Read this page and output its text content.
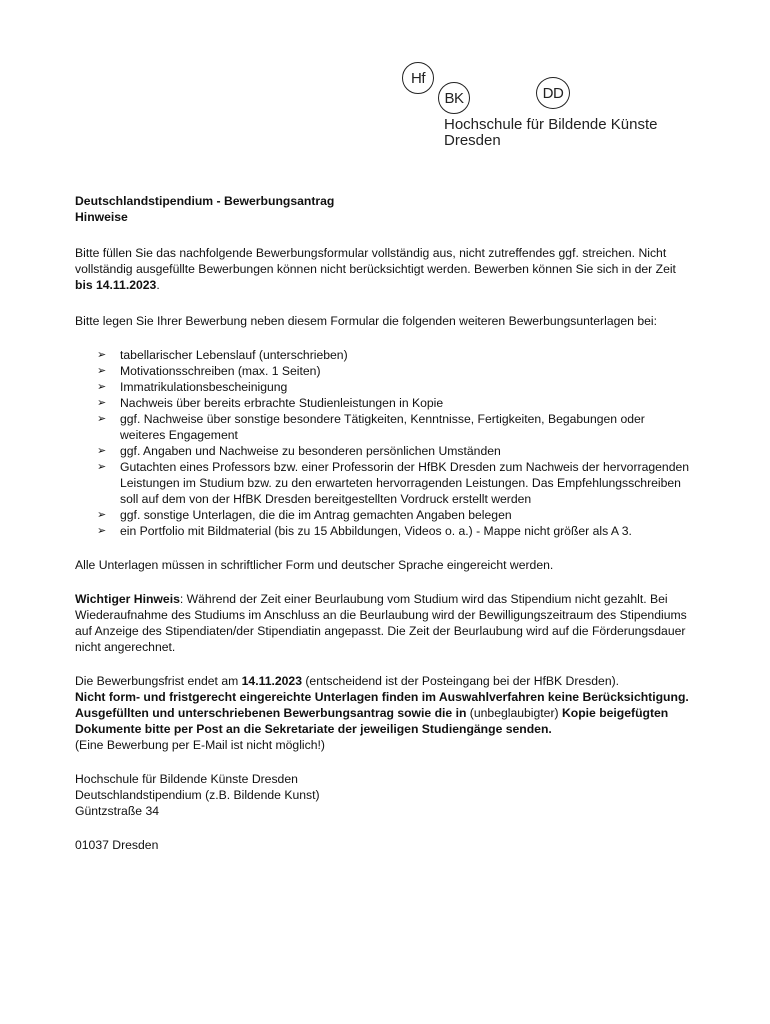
Hf
BK	DD
Hochschule für Bildende Künste
Dresden

Deutschlandstipendium - Bewerbungsantrag

Hinweise

Bitte füllen Sie das nachfolgende Bewerbungsformular vollständig aus, nicht zutreffendes ggf. streichen. Nicht vollständig ausgefüllte Bewerbungen können nicht berücksichtigt werden. Bewerben können Sie sich in der Zeit bis 14.11.2023.

Bitte legen Sie Ihrer Bewerbung neben diesem Formular die folgenden weiteren Bewerbungsunterlagen bei:

➢ tabellarischer Lebenslauf (unterschrieben)
➢ Motivationsschreiben (max. 1 Seiten)
➢ Immatrikulationsbescheinigung
➢ Nachweis über bereits erbrachte Studienleistungen in Kopie
➢ ggf. Nachweise über sonstige besondere Tätigkeiten, Kenntnisse, Fertigkeiten, Begabungen oder weiteres Engagement
➢ ggf. Angaben und Nachweise zu besonderen persönlichen Umständen
➢ Gutachten eines Professors bzw. einer Professorin der HfBK Dresden zum Nachweis der hervorragenden Leistungen im Studium bzw. zu den erwarteten hervorragenden Leistungen. Das Empfehlungsschreiben soll auf dem von der HfBK Dresden bereitgestellten Vordruck erstellt werden
➢ ggf. sonstige Unterlagen, die die im Antrag gemachten Angaben belegen
➢ ein Portfolio mit Bildmaterial (bis zu 15 Abbildungen, Videos o. a.) - Mappe nicht größer als A 3.

Alle Unterlagen müssen in schriftlicher Form und deutscher Sprache eingereicht werden.

Wichtiger Hinweis: Während der Zeit einer Beurlaubung vom Studium wird das Stipendium nicht gezahlt. Bei Wiederaufnahme des Studiums im Anschluss an die Beurlaubung wird der Bewilligungszeitraum des Stipendiums auf Anzeige des Stipendiaten/der Stipendiatin angepasst. Die Zeit der Beurlaubung wird auf die Förderungsdauer nicht angerechnet.

Die Bewerbungsfrist endet am 14.11.2023 (entscheidend ist der Posteingang bei der HfBK Dresden).

Nicht form- und fristgerecht eingereichte Unterlagen finden im Auswahlverfahren keine Berücksichtigung.

Ausgefüllten und unterschriebenen Bewerbungsantrag sowie die in (unbeglaubigter) Kopie beigefügten Dokumente bitte per Post an die Sekretariate der jeweiligen Studiengänge senden.

(Eine Bewerbung per E-Mail ist nicht möglich!)

Hochschule für Bildende Künste Dresden

Deutschlandstipendium (z.B. Bildende Kunst)

Güntzstraße 34

01037 Dresden
